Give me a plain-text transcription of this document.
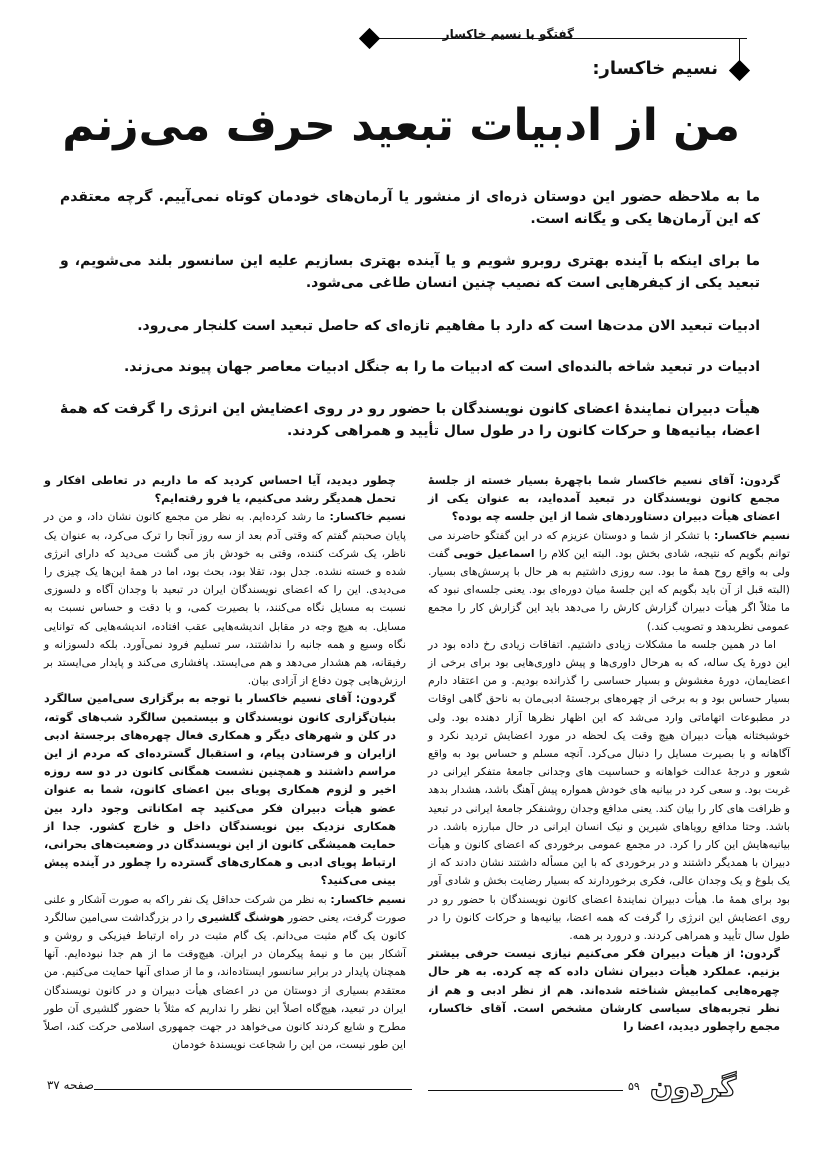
گفتگو با نسیم خاکسار
نسیم خاکسار:
من از ادبیات تبعید حرف می‌زنم
ما به ملاحظه حضور این دوستان ذره‌ای از منشور یا آرمان‌های خودمان کوتاه نمی‌آییم. گرچه معتقدم که این آرمان‌ها یکی و یگانه است.
ما برای اینکه با آینده بهتری روبرو شویم و یا آینده بهتری بسازیم علیه این سانسور بلند می‌شویم، و تبعید یکی از کیفرهایی است که نصیب چنین انسان طاغی می‌شود.
ادبیات تبعید الان مدت‌ها است که دارد با مفاهیم تازه‌ای که حاصل تبعید است کلنجار می‌رود.
ادبیات در تبعید شاخه بالنده‌ای است که ادبیات ما را به جنگل ادبیات معاصر جهان پیوند می‌زند.
هیأت دبیران نمایندهٔ اعضای کانون نویسندگان با حضور رو در روی اعضایش این انرژی را گرفت که همهٔ اعضا، بیانیه‌ها و حرکات کانون را در طول سال تأیید و همراهی کردند.

گردون: آقای نسیم خاکسار شما باچهرهٔ بسیار خسته از جلسهٔ مجمع کانون نویسندگان در تبعید آمده‌اید، به عنوان یکی از اعضای هیأت دبیران دستاوردهای شما از این جلسه چه بوده؟

نسیم خاکسار: با تشکر از شما و دوستان عزیزم که در این گفتگو حاضرند می توانم بگویم که نتیجه، شادی بخش بود. البته این کلام را اسماعیل خویی گفت ولی به واقع روح همهٔ ما بود. سه روزی داشتیم به هر حال با پرسش‌های بسیار. (البته قبل از آن باید بگویم که این جلسهٔ میان دوره‌ای بود. یعنی جلسه‌ای نبود که ما مثلاً اگر هیأت دبیران گزارش کارش را می‌دهد باید این گزارش کار را مجمع عمومی نظربدهد و تصویب کند.)

اما در همین جلسه ما مشکلات زیادی داشتیم. اتفاقات زیادی رخ داده بود در این دورهٔ یک ساله، که به هرحال داوری‌ها و پیش داوری‌هایی بود برای برخی از اعضایمان، دورهٔ مغشوش و بسیار حساسی را گذرانده بودیم. و من اعتقاد دارم بسیار حساس بود و به برخی از چهره‌های برجستهٔ ادبی‌مان به ناحق گاهی اوقات در مطبوعات اتهاماتی وارد می‌شد که این اظهار نظرها آزار دهنده بود. ولی خوشبختانه هیأت دبیران هیچ وقت یک لحظه در مورد اعضایش تردید نکرد و آگاهانه و با بصیرت مسایل را دنبال می‌کرد. آنچه مسلم و حساس بود به واقع شعور و درجهٔ عدالت خواهانه و حساسیت های وجدانی جامعهٔ متفکر ایرانی در غربت بود. و سعی کرد در بیانیه های خودش همواره پیش آهنگ باشد، هشدار بدهد و ظرافت های کار را بیان کند. یعنی مدافع وجدان روشنفکر جامعهٔ ایرانی در تبعید باشد. وحتا مدافع رویاهای شیرین و نیک انسان ایرانی در حال مبارزه باشد. در بیانیه‌هایش این کار را کرد. در مجمع عمومی برخوردی که اعضای کانون و هیأت دبیران با همدیگر داشتند و در برخوردی که با این مسأله داشتند نشان دادند که از یک بلوغ و یک وجدان عالی، فکری برخوردارند که بسیار رضایت بخش و شادی آور بود برای همهٔ ما. هیأت دبیران نمایندهٔ اعضای کانون نویسندگان با حضور رو در روی اعضایش این انرژی را گرفت که همه اعضا، بیانیه‌ها و حرکات کانون را در طول سال تأیید و همراهی کردند. و درورد بر همه.

گردون: از هیأت دبیران فکر می‌کنیم نیازی نیست حرفی بیشتر بزنیم. عملکرد هیأت دبیران نشان داده که چه کرده. به هر حال چهره‌هایی کمابیش شناخته شده‌اند. هم از نظر ادبی و هم از نظر تجربه‌های سیاسی کارشان مشخص است. آقای خاکسار، مجمع راچطور دیدید، اعضا را

چطور دیدید، آیا احساس کردید که ما داریم در تعاطی افکار و تحمل همدیگر رشد می‌کنیم، یا فرو رفته‌ایم؟

نسیم خاکسار: ما رشد کرده‌ایم. به نظر من مجمع کانون نشان داد، و من در پایان صحبتم گفتم که وقتی آدم بعد از سه روز آنجا را ترک می‌کرد، به عنوان یک ناظر، یک شرکت کننده، وقتی به خودش باز می گشت می‌دید که دارای انرژی شده و خسته نشده. جدل بود، تقلا بود، بحث بود، اما در همهٔ این‌ها یک چیزی را می‌دیدی. این را که اعضای نویسندگان ایران در تبعید با وجدان آگاه و دلسوزی نسبت به مسایل نگاه می‌کنند، با بصیرت کمی، و با دقت و حساس نسبت به مسایل. به هیچ وجه در مقابل اندیشه‌هایی عقب افتاده، اندیشه‌هایی که توانایی نگاه وسیع و همه جانبه را نداشتند، سر تسلیم فرود نمی‌آورد. بلکه دلسوزانه و رفیقانه، هم هشدار می‌دهد و هم می‌ایستد. پافشاری می‌کند و پایدار می‌ایستد بر ارزش‌هایی چون دفاع از آزادی بیان.

گردون: آقای نسیم خاکسار با توجه به برگزاری سی‌امین سالگرد بنیان‌گزاری کانون نویسندگان و بیستمین سالگرد شب‌های گوته، در کلن و شهرهای دیگر و همکاری فعال چهره‌های برجستهٔ ادبی ازایران و فرستادن پیام، و استقبال گسترده‌ای که مردم از این مراسم داشتند و همچنین نشست همگانی کانون در دو سه روزه اخیر و لزوم همکاری پویای بین اعضای کانون، شما به عنوان عضو هیأت دبیران فکر می‌کنید چه امکاناتی وجود دارد بین همکاری نزدیک بین نویسندگان داخل و خارج کشور. جدا از حمایت همیشگی کانون از این نویسندگان در وضعیت‌های بحرانی، ارتباط پویای ادبی و همکاری‌های گسترده را چطور در آینده پیش بینی می‌کنید؟

نسیم خاکسار: به نظر من شرکت حداقل یک نفر راکه به صورت آشکار و علنی صورت گرفت، یعنی حضور هوشنگ گلشیری را در بزرگداشت سی‌امین سالگرد کانون یک گام مثبت می‌دانم. یک گام مثبت در راه ارتباط فیزیکی و روشن و آشکار بین ما و نیمهٔ پیکرمان در ایران. هیچ‌وقت ما از هم جدا نبوده‌ایم. آنها همچنان پایدار در برابر سانسور ایستاده‌اند، و ما از صدای آنها حمایت می‌کنیم. من معتقدم بسیاری از دوستان من در اعضای هیأت دبیران و در کانون نویسندگان ایران در تبعید، هیچ‌گاه اصلاً این نظر را نداریم که مثلاً با حضور گلشیری آن طور مطرح و شایع کردند کانون می‌خواهد در جهت جمهوری اسلامی حرکت کند، اصلاً این طور نیست، من این را شجاعت نویسندهٔ خودمان

صفحه ۳۷	۵۹ گردون
